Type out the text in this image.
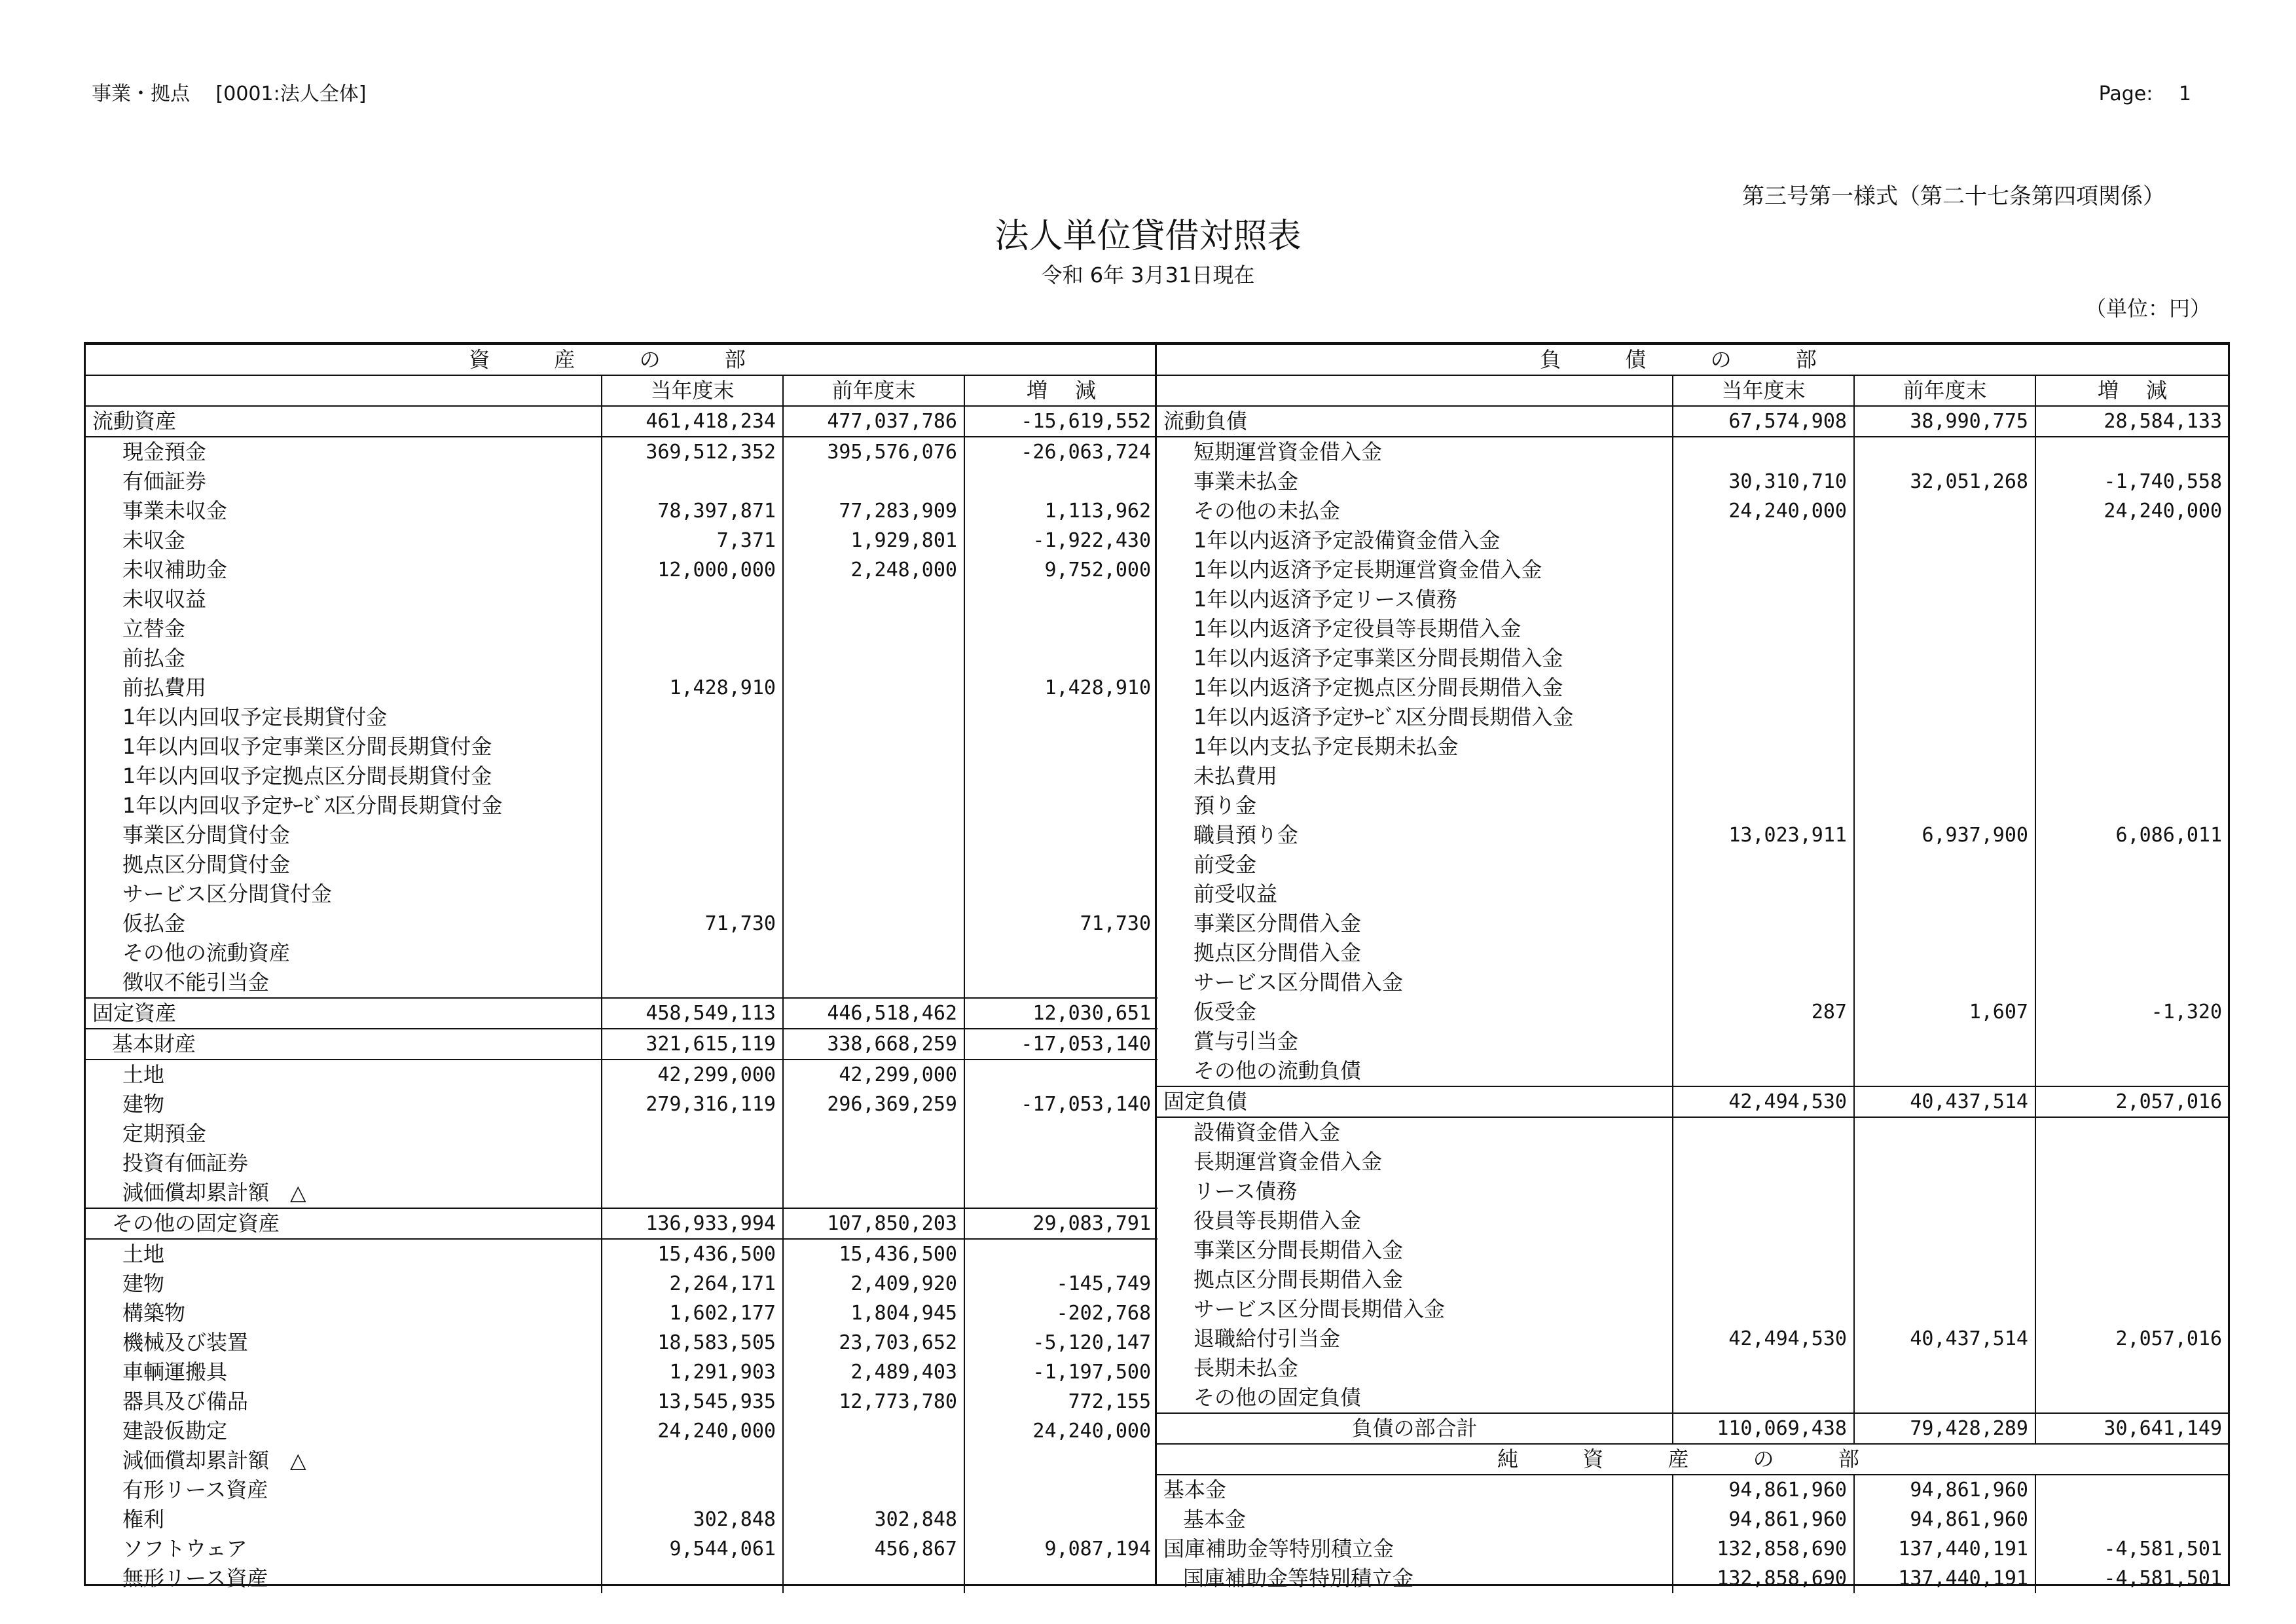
事業・拠点　 [0001:法人全体]	Page:　 1
第三号第一様式（第二十七条第四項関係）
法人単位貸借対照表
令和 6年 3月31日現在
（単位：円）
資 産 の 部			
	当年度末	前年度末	増　 減
流動資産	461,418,234	477,037,786	-15,619,552
現金預金	369,512,352	395,576,076	-26,063,724
有価証券			
事業未収金	78,397,871	77,283,909	1,113,962
未収金	7,371	1,929,801	-1,922,430
未収補助金	12,000,000	2,248,000	9,752,000
未収収益			
立替金			
前払金			
前払費用	1,428,910		1,428,910
1年以内回収予定長期貸付金			
1年以内回収予定事業区分間長期貸付金			
1年以内回収予定拠点区分間長期貸付金			
1年以内回収予定ｻｰﾋﾞｽ区分間長期貸付金			
事業区分間貸付金			
拠点区分間貸付金			
サービス区分間貸付金			
仮払金	71,730		71,730
その他の流動資産			
徴収不能引当金			
固定資産	458,549,113	446,518,462	12,030,651
基本財産	321,615,119	338,668,259	-17,053,140
土地	42,299,000	42,299,000	
建物	279,316,119	296,369,259	-17,053,140
定期預金			
投資有価証券			
減価償却累計額　△			
その他の固定資産	136,933,994	107,850,203	29,083,791
土地	15,436,500	15,436,500	
建物	2,264,171	2,409,920	-145,749
構築物	1,602,177	1,804,945	-202,768
機械及び装置	18,583,505	23,703,652	-5,120,147
車輌運搬具	1,291,903	2,489,403	-1,197,500
器具及び備品	13,545,935	12,773,780	772,155
建設仮勘定	24,240,000		24,240,000
減価償却累計額　△			
有形リース資産			
権利	302,848	302,848	
ソフトウェア	9,544,061	456,867	9,087,194
無形リース資産			
負 債 の 部			
	当年度末	前年度末	増　 減
流動負債	67,574,908	38,990,775	28,584,133
短期運営資金借入金			
事業未払金	30,310,710	32,051,268	-1,740,558
その他の未払金	24,240,000		24,240,000
1年以内返済予定設備資金借入金			
1年以内返済予定長期運営資金借入金			
1年以内返済予定リース債務			
1年以内返済予定役員等長期借入金			
1年以内返済予定事業区分間長期借入金			
1年以内返済予定拠点区分間長期借入金			
1年以内返済予定ｻｰﾋﾞｽ区分間長期借入金			
1年以内支払予定長期未払金			
未払費用			
預り金			
職員預り金	13,023,911	6,937,900	6,086,011
前受金			
前受収益			
事業区分間借入金			
拠点区分間借入金			
サービス区分間借入金			
仮受金	287	1,607	-1,320
賞与引当金			
その他の流動負債			
固定負債	42,494,530	40,437,514	2,057,016
設備資金借入金			
長期運営資金借入金			
リース債務			
役員等長期借入金			
事業区分間長期借入金			
拠点区分間長期借入金			
サービス区分間長期借入金			
退職給付引当金	42,494,530	40,437,514	2,057,016
長期未払金			
その他の固定負債			
負債の部合計	110,069,438	79,428,289	30,641,149
純 資 産 の 部			
基本金	94,861,960	94,861,960	
基本金	94,861,960	94,861,960	
国庫補助金等特別積立金	132,858,690	137,440,191	-4,581,501
国庫補助金等特別積立金	132,858,690	137,440,191	-4,581,501
